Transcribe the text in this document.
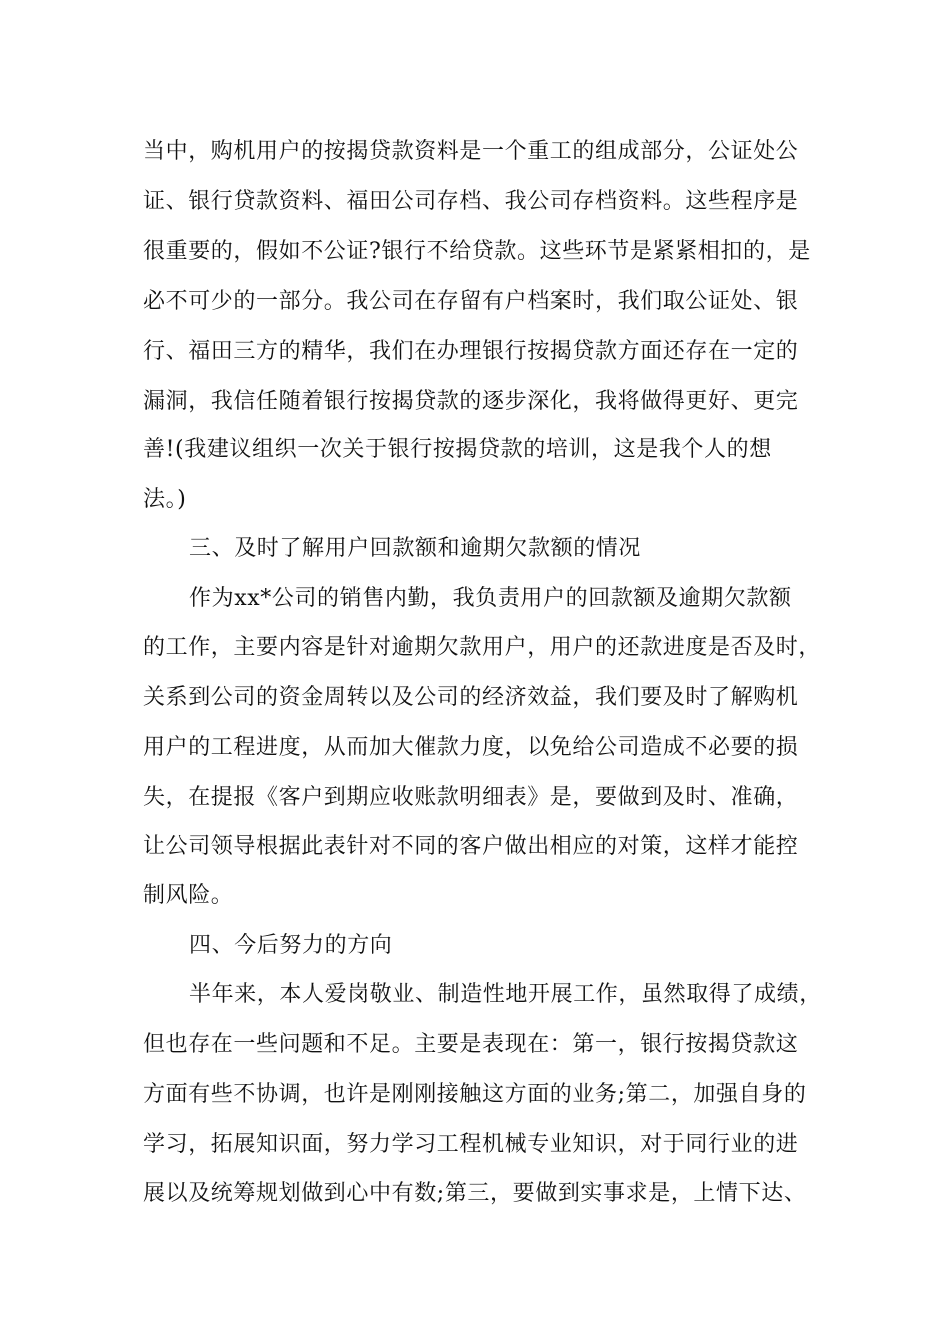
当中，购机用户的按揭贷款资料是一个重工的组成部分，公证处公
证、银行贷款资料、福田公司存档、我公司存档资料。这些程序是
很重要的，假如不公证?银行不给贷款。这些环节是紧紧相扣的，是
必不可少的一部分。我公司在存留有户档案时，我们取公证处、银
行、福田三方的精华，我们在办理银行按揭贷款方面还存在一定的
漏洞，我信任随着银行按揭贷款的逐步深化，我将做得更好、更完
善!(我建议组织一次关于银行按揭贷款的培训，这是我个人的想
法。)
三、及时了解用户回款额和逾期欠款额的情况
作为xx*公司的销售内勤，我负责用户的回款额及逾期欠款额
的工作，主要内容是针对逾期欠款用户，用户的还款进度是否及时，
关系到公司的资金周转以及公司的经济效益，我们要及时了解购机
用户的工程进度，从而加大催款力度，以免给公司造成不必要的损
失，在提报《客户到期应收账款明细表》是，要做到及时、准确，
让公司领导根据此表针对不同的客户做出相应的对策，这样才能控
制风险。
四、今后努力的方向
半年来，本人爱岗敬业、制造性地开展工作，虽然取得了成绩，
但也存在一些问题和不足。主要是表现在：第一，银行按揭贷款这
方面有些不协调，也许是刚刚接触这方面的业务;第二，加强自身的
学习，拓展知识面，努力学习工程机械专业知识，对于同行业的进
展以及统筹规划做到心中有数;第三，要做到实事求是，上情下达、
